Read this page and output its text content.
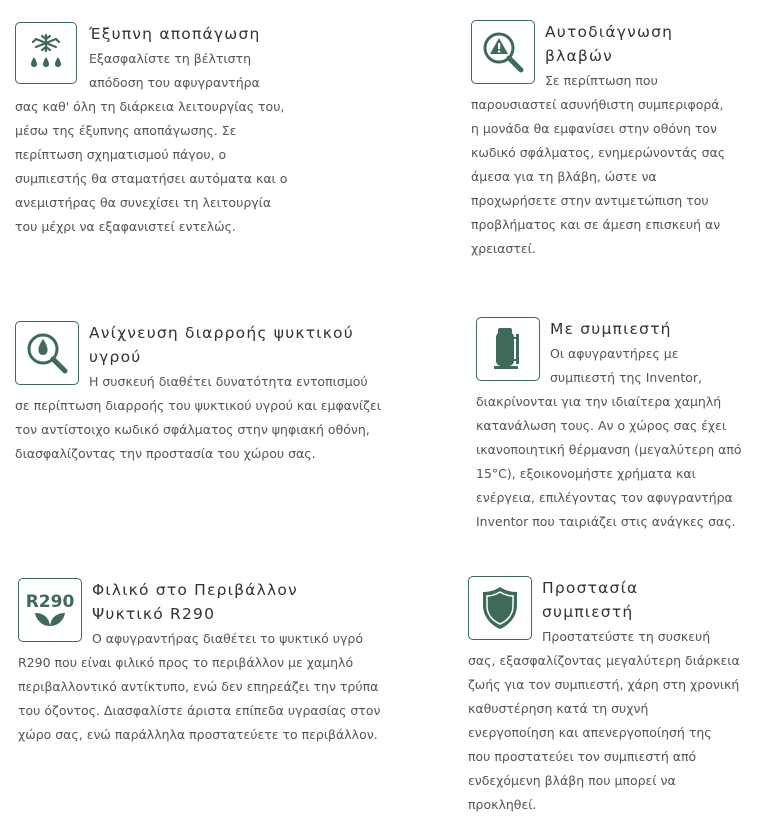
Έξυπνη αποπάγωση
Εξασφαλίστε τη βέλτιστη
απόδοση του αφυγραντήρα
σας καθ' όλη τη διάρκεια λειτουργίας του,
μέσω της έξυπνης αποπάγωσης. Σε
περίπτωση σχηματισμού πάγου, ο
συμπιεστής θα σταματήσει αυτόματα και ο
ανεμιστήρας θα συνεχίσει τη λειτουργία
του μέχρι να εξαφανιστεί εντελώς.
Αυτοδιάγνωση
βλαβών
Σε περίπτωση που
παρουσιαστεί ασυνήθιστη συμπεριφορά,
η μονάδα θα εμφανίσει στην οθόνη τον
κωδικό σφάλματος, ενημερώνοντάς σας
άμεσα για τη βλάβη, ώστε να
προχωρήσετε στην αντιμετώπιση του
προβλήματος και σε άμεση επισκευή αν
χρειαστεί.
Ανίχνευση διαρροής ψυκτικού
υγρού
Η συσκευή διαθέτει δυνατότητα εντοπισμού
σε περίπτωση διαρροής του ψυκτικού υγρού και εμφανίζει
τον αντίστοιχο κωδικό σφάλματος στην ψηφιακή οθόνη,
διασφαλίζοντας την προστασία του χώρου σας.
Με συμπιεστή
Οι αφυγραντήρες με
συμπιεστή της Inventor,
διακρίνονται για την ιδιαίτερα χαμηλή
κατανάλωση τους. Αν ο χώρος σας έχει
ικανοποιητική θέρμανση (μεγαλύτερη από
15°C), εξοικονομήστε χρήματα και
ενέργεια, επιλέγοντας τον αφυγραντήρα
Inventor που ταιριάζει στις ανάγκες σας.
R290
Φιλικό στο Περιβάλλον
Ψυκτικό R290
Ο αφυγραντήρας διαθέτει το ψυκτικό υγρό
R290 που είναι φιλικό προς το περιβάλλον με χαμηλό
περιβαλλοντικό αντίκτυπο, ενώ δεν επηρεάζει την τρύπα
του όζοντος. Διασφαλίστε άριστα επίπεδα υγρασίας στον
χώρο σας, ενώ παράλληλα προστατεύετε το περιβάλλον.
Προστασία
συμπιεστή
Προστατεύστε τη συσκευή
σας, εξασφαλίζοντας μεγαλύτερη διάρκεια
ζωής για τον συμπιεστή, χάρη στη χρονική
καθυστέρηση κατά τη συχνή
ενεργοποίηση και απενεργοποίησή της
που προστατεύει τον συμπιεστή από
ενδεχόμενη βλάβη που μπορεί να
προκληθεί.
